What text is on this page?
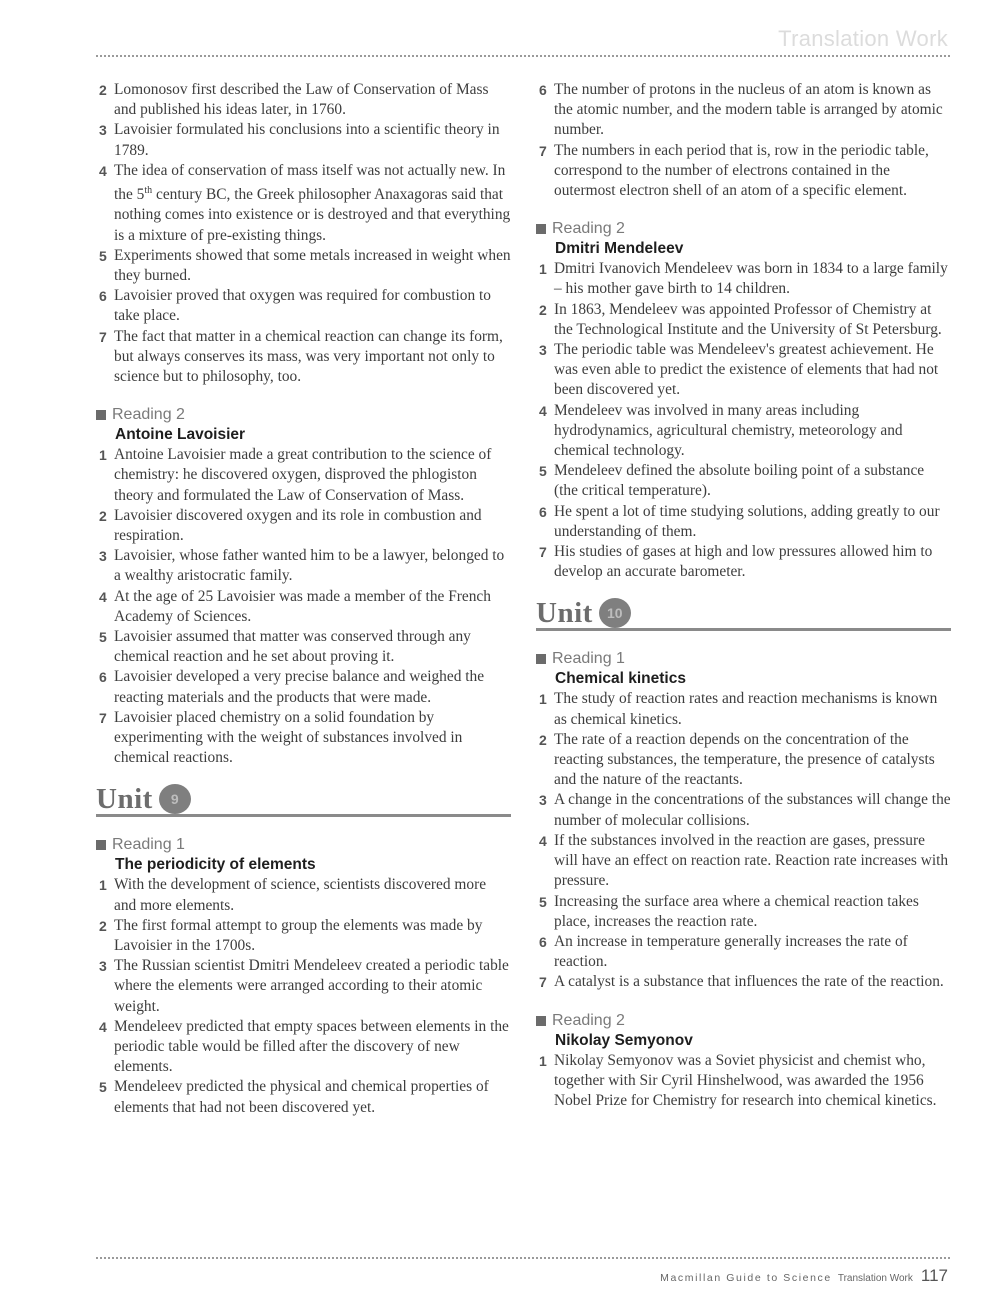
Translation Work
2 Lomonosov first described the Law of Conservation of Mass and published his ideas later, in 1760.
3 Lavoisier formulated his conclusions into a scientific theory in 1789.
4 The idea of conservation of mass itself was not actually new. In the 5th century BC, the Greek philosopher Anaxagoras said that nothing comes into existence or is destroyed and that everything is a mixture of pre-existing things.
5 Experiments showed that some metals increased in weight when they burned.
6 Lavoisier proved that oxygen was required for combustion to take place.
7 The fact that matter in a chemical reaction can change its form, but always conserves its mass, was very important not only to science but to philosophy, too.
Reading 2
Antoine Lavoisier
1 Antoine Lavoisier made a great contribution to the science of chemistry: he discovered oxygen, disproved the phlogiston theory and formulated the Law of Conservation of Mass.
2 Lavoisier discovered oxygen and its role in combustion and respiration.
3 Lavoisier, whose father wanted him to be a lawyer, belonged to a wealthy aristocratic family.
4 At the age of 25 Lavoisier was made a member of the French Academy of Sciences.
5 Lavoisier assumed that matter was conserved through any chemical reaction and he set about proving it.
6 Lavoisier developed a very precise balance and weighed the reacting materials and the products that were made.
7 Lavoisier placed chemistry on a solid foundation by experimenting with the weight of substances involved in chemical reactions.
Unit	9
Reading 1
The periodicity of elements
1 With the development of science, scientists discovered more and more elements.
2 The first formal attempt to group the elements was made by Lavoisier in the 1700s.
3 The Russian scientist Dmitri Mendeleev created a periodic table where the elements were arranged according to their atomic weight.
4 Mendeleev predicted that empty spaces between elements in the periodic table would be filled after the discovery of new elements.
5 Mendeleev predicted the physical and chemical properties of elements that had not been discovered yet.
6 The number of protons in the nucleus of an atom is known as the atomic number, and the modern table is arranged by atomic number.
7 The numbers in each period that is, row in the periodic table, correspond to the number of electrons contained in the outermost electron shell of an atom of a specific element.
Reading 2
Dmitri Mendeleev
1 Dmitri Ivanovich Mendeleev was born in 1834 to a large family – his mother gave birth to 14 children.
2 In 1863, Mendeleev was appointed Professor of Chemistry at the Technological Institute and the University of St Petersburg.
3 The periodic table was Mendeleev's greatest achievement. He was even able to predict the existence of elements that had not been discovered yet.
4 Mendeleev was involved in many areas including hydrodynamics, agricultural chemistry, meteorology and chemical technology.
5 Mendeleev defined the absolute boiling point of a substance (the critical temperature).
6 He spent a lot of time studying solutions, adding greatly to our understanding of them.
7 His studies of gases at high and low pressures allowed him to develop an accurate barometer.
Unit	10
Reading 1
Chemical kinetics
1 The study of reaction rates and reaction mechanisms is known as chemical kinetics.
2 The rate of a reaction depends on the concentration of the reacting substances, the temperature, the presence of catalysts and the nature of the reactants.
3 A change in the concentrations of the substances will change the number of molecular collisions.
4 If the substances involved in the reaction are gases, pressure will have an effect on reaction rate. Reaction rate increases with pressure.
5 Increasing the surface area where a chemical reaction takes place, increases the reaction rate.
6 An increase in temperature generally increases the rate of reaction.
7 A catalyst is a substance that influences the rate of the reaction.
Reading 2
Nikolay Semyonov
1 Nikolay Semyonov was a Soviet physicist and chemist who, together with Sir Cyril Hinshelwood, was awarded the 1956 Nobel Prize for Chemistry for research into chemical kinetics.
Macmillan Guide to Science Translation Work 117
